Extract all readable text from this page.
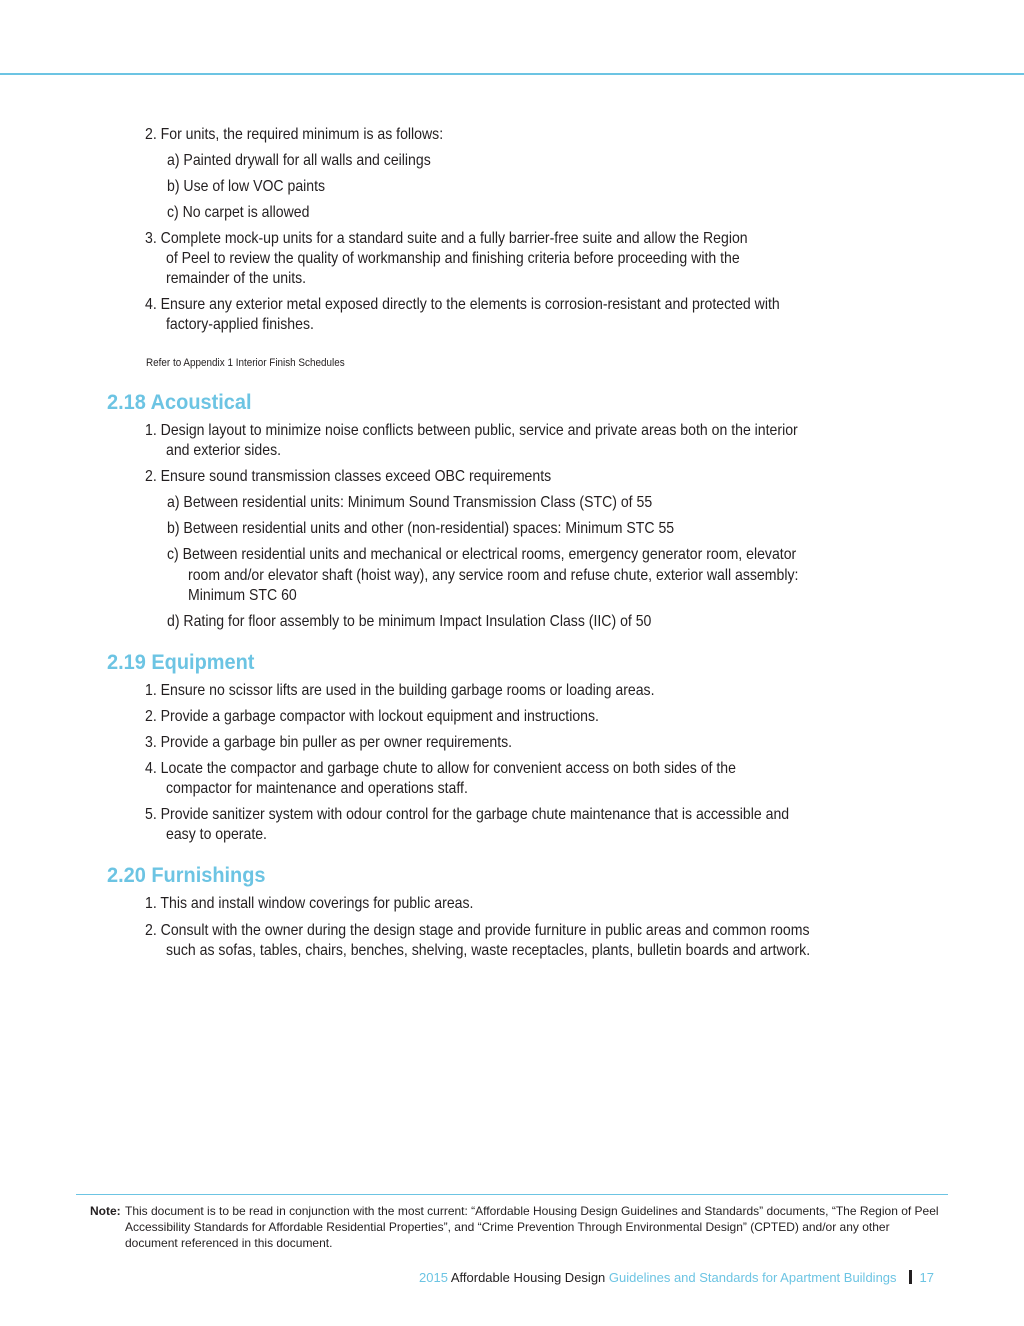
2. For units, the required minimum is as follows:
a) Painted drywall for all walls and ceilings
b) Use of low VOC paints
c) No carpet is allowed
3. Complete mock-up units for a standard suite and a fully barrier-free suite and allow the Region
of Peel to review the quality of workmanship and finishing criteria before proceeding with the
remainder of the units.
4. Ensure any exterior metal exposed directly to the elements is corrosion-resistant and protected with
factory-applied finishes.
Refer to Appendix 1 Interior Finish Schedules
2.18 Acoustical
1. Design layout to minimize noise conflicts between public, service and private areas both on the interior
and exterior sides.
2. Ensure sound transmission classes exceed OBC requirements
a) Between residential units: Minimum Sound Transmission Class (STC) of 55
b) Between residential units and other (non-residential) spaces: Minimum STC 55
c) Between residential units and mechanical or electrical rooms, emergency generator room, elevator
room and/or elevator shaft (hoist way), any service room and refuse chute, exterior wall assembly:
Minimum STC 60
d) Rating for floor assembly to be minimum Impact Insulation Class (IIC) of 50
2.19 Equipment
1. Ensure no scissor lifts are used in the building garbage rooms or loading areas.
2. Provide a garbage compactor with lockout equipment and instructions.
3. Provide a garbage bin puller as per owner requirements.
4. Locate the compactor and garbage chute to allow for convenient access on both sides of the
compactor for maintenance and operations staff.
5. Provide sanitizer system with odour control for the garbage chute maintenance that is accessible and
easy to operate.
2.20 Furnishings
1. This and install window coverings for public areas.
2. Consult with the owner during the design stage and provide furniture in public areas and common rooms
such as sofas, tables, chairs, benches, shelving, waste receptacles, plants, bulletin boards and artwork.
Note: This document is to be read in conjunction with the most current: “Affordable Housing Design Guidelines and Standards” documents, “The Region of Peel Accessibility Standards for Affordable Residential Properties”, and “Crime Prevention Through Environmental Design” (CPTED) and/or any other document referenced in this document.
2015 Affordable Housing Design Guidelines and Standards for Apartment Buildings 17
